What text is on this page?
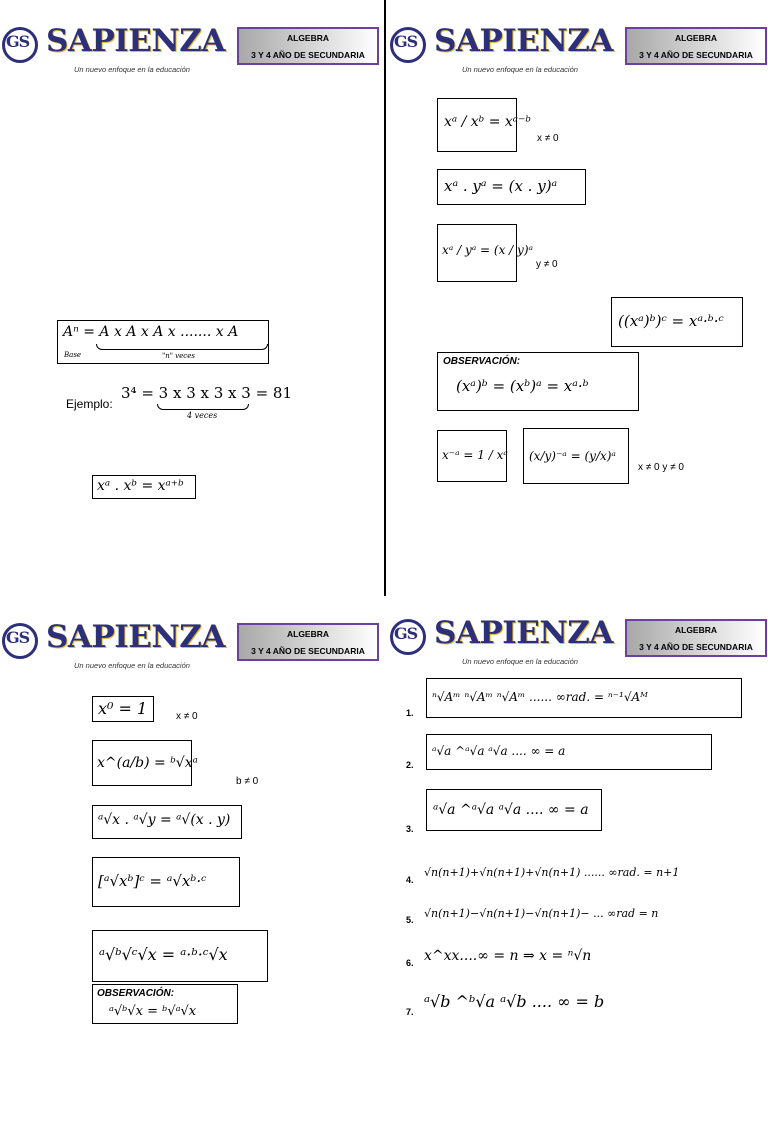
GS SAPIENZA
Un nuevo enfoque en la educación
ALGEBRA
3 Y 4 AÑO DE SECUNDARIA
Aⁿ = A x A x A x ....... x A
Base	"n" veces
Ejemplo:
3⁴ = 3 x 3 x 3 x 3 = 81
4 veces
xᵃ . xᵇ = xᵃ⁺ᵇ
GS SAPIENZA
Un nuevo enfoque en la educación
ALGEBRA
3 Y 4 AÑO DE SECUNDARIA
xᵃ / xᵇ = xᵃ⁻ᵇ
x ≠ 0
xᵃ . yᵃ = (x . y)ᵃ
xᵃ / yᵃ = (x / y)ᵃ
y ≠ 0
((xᵃ)ᵇ)ᶜ = xᵃ·ᵇ·ᶜ
OBSERVACIÓN:
(xᵃ)ᵇ = (xᵇ)ᵃ = xᵃ·ᵇ
x⁻ᵃ = 1 / xᵃ (x/y)⁻ᵃ = (y/x)ᵃ
x ≠ 0 y ≠ 0
GS SAPIENZA
Un nuevo enfoque en la educación
ALGEBRA
3 Y 4 AÑO DE SECUNDARIA
x⁰ = 1	x ≠ 0
x^(a/b) = ᵇ√xᵃ
b ≠ 0
ᵃ√x . ᵃ√y = ᵃ√(x . y)
[ᵃ√xᵇ]ᶜ = ᵃ√xᵇ·ᶜ
ᵃ√ᵇ√ᶜ√x = ᵃ·ᵇ·ᶜ√x
OBSERVACIÓN:
ᵃ√ᵇ√x = ᵇ√ᵃ√x
GS SAPIENZA
Un nuevo enfoque en la educación
ALGEBRA
3 Y 4 AÑO DE SECUNDARIA
1.
ⁿ√Aᵐ ⁿ√Aᵐ ⁿ√Aᵐ ...... ∞rad. = ⁿ⁻¹√Aᴹ
2.
ᵃ√a ^ᵃ√a ᵃ√a .... ∞ = a
3.
ᵃ√a ^ᵃ√a ᵃ√a .... ∞ = a
4.
√n(n+1)+√n(n+1)+√n(n+1) ...... ∞rad. = n+1
5. √n(n+1)−√n(n+1)−√n(n+1)− ... ∞rad = n
6. x^xx....∞ = n ⇒ x = ⁿ√n
7.
ᵃ√b ^ᵇ√a ᵃ√b .... ∞ = b
